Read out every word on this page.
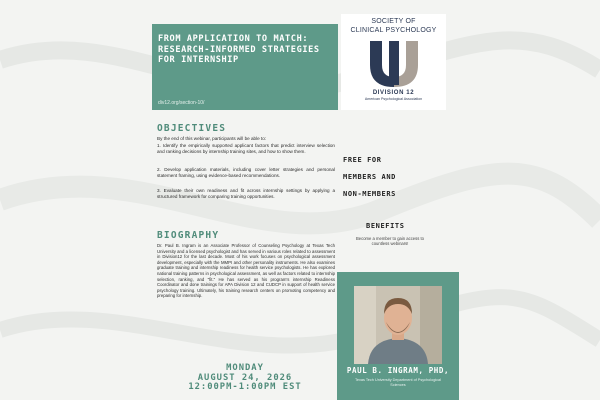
FROM APPLICATION TO MATCH: RESEARCH-INFORMED STRATEGIES FOR INTERNSHIP
div12.org/section-10/
SOCIETY OF
CLINICAL PSYCHOLOGY
DIVISION 12
American Psychological Association
OBJECTIVES

By the end of this webinar, participants will be able to:

1. Identify the empirically supported applicant factors that predict interview selection and ranking decisions by internship training sites, and how to show them.

2. Develop application materials, including cover letter strategies and personal statement framing, using evidence-based recommendations.

3. Evaluate their own readiness and fit across internship settings by applying a structured framework for comparing training opportunities.

BIOGRAPHY
Dr. Paul B. Ingram is an Associate Professor of Counseling Psychology at Texas Tech University and a licensed psychologist and has served in various roles related to assessment in Division12 for the last decade. Most of his work focuses on psychological assessment development, especially with the MMPI and other personality instruments. He also examines graduate training and internship readiness for health service psychologists. He has explored national training patterns in psychological assessment, as well as factors related to internship selection, ranking, and "fit." He has served as his program's internship Readiness Coordinator and done trainings for APA Division 12 and CUDCP in support of health service psychology training. Ultimately, his training research centers on promoting competency and preparing for internship.
FREE FOR
MEMBERS AND
NON-MEMBERS
BENEFITS
Become a member to gain access to countless webinars!
PAUL B. INGRAM, PHD,
Texas Tech University Department of Psychological Sciences
MONDAY
AUGUST 24, 2026
12:00PM-1:00PM EST
